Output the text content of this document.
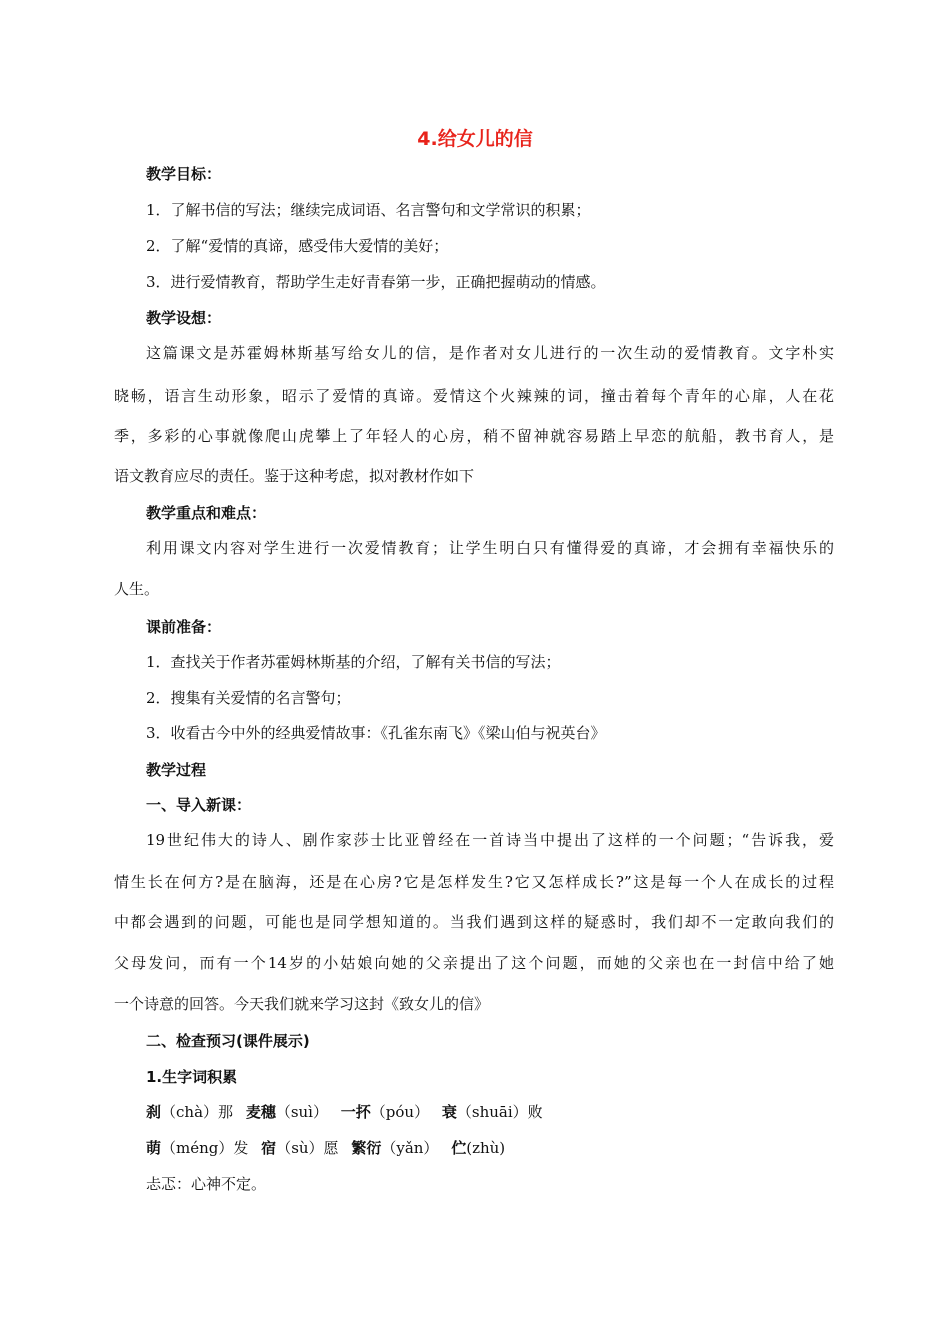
4.给女儿的信
教学目标：
1．了解书信的写法；继续完成词语、名言警句和文学常识的积累；
2．了解“爱情的真谛，感受伟大爱情的美好；
3．进行爱情教育，帮助学生走好青春第一步，正确把握萌动的情感。
教学设想：
这篇课文是苏霍姆林斯基写给女儿的信，是作者对女儿进行的一次生动的爱情教育。文字朴实
晓畅，语言生动形象，昭示了爱情的真谛。爱情这个火辣辣的词，撞击着每个青年的心扉，人在花
季，多彩的心事就像爬山虎攀上了年轻人的心房，稍不留神就容易踏上早恋的航船，教书育人，是
语文教育应尽的责任。鉴于这种考虑，拟对教材作如下
教学重点和难点：
利用课文内容对学生进行一次爱情教育；让学生明白只有懂得爱的真谛，才会拥有幸福快乐的
人生。
课前准备：
1．查找关于作者苏霍姆林斯基的介绍，了解有关书信的写法；
2．搜集有关爱情的名言警句；
3．收看古今中外的经典爱情故事：《孔雀东南飞》《梁山伯与祝英台》
教学过程
一、导入新课：
19世纪伟大的诗人、剧作家莎士比亚曾经在一首诗当中提出了这样的一个问题；“告诉我，爱
情生长在何方?是在脑海，还是在心房?它是怎样发生?它又怎样成长?”这是每一个人在成长的过程
中都会遇到的问题，可能也是同学想知道的。当我们遇到这样的疑惑时，我们却不一定敢向我们的
父母发问，而有一个14岁的小姑娘向她的父亲提出了这个问题，而她的父亲也在一封信中给了她
一个诗意的回答。今天我们就来学习这封《致女儿的信》
二、检查预习(课件展示)
1.生字词积累
刹（chà）那 麦穗（suì） 一抔（póu） 衰（shuāi）败
萌（méng）发 宿（sù）愿 繁衍（yǎn） 伫(zhù)
忐忑：心神不定。
